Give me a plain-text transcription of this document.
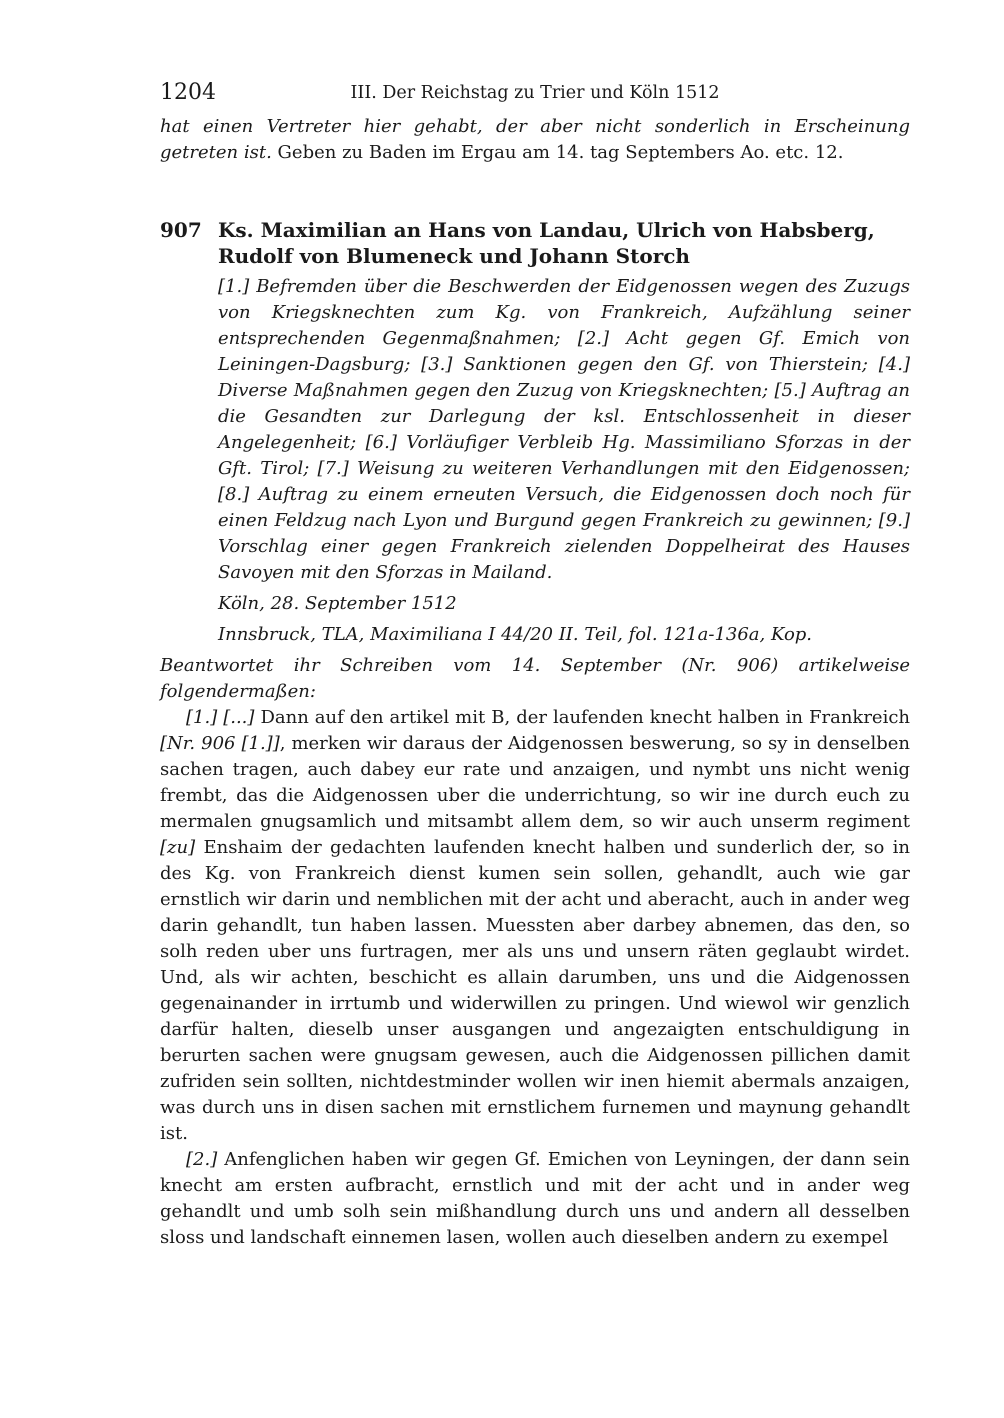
1204	III. Der Reichstag zu Trier und Köln 1512

hat einen Vertreter hier gehabt, der aber nicht sonderlich in Erscheinung getreten ist. Geben zu Baden im Ergau am 14. tag Septembers Ao. etc. 12.

907 Ks. Maximilian an Hans von Landau, Ulrich von Habsberg, Rudolf von Blumeneck und Johann Storch

[1.] Befremden über die Beschwerden der Eidgenossen wegen des Zuzugs von Kriegsknechten zum Kg. von Frankreich, Aufzählung seiner entsprechenden Gegenmaßnahmen; [2.] Acht gegen Gf. Emich von Leiningen-Dagsburg; [3.] Sanktionen gegen den Gf. von Thierstein; [4.] Diverse Maßnahmen gegen den Zuzug von Kriegsknechten; [5.] Auftrag an die Gesandten zur Darlegung der ksl. Entschlossenheit in dieser Angelegenheit; [6.] Vorläufiger Verbleib Hg. Massimiliano Sforzas in der Gft. Tirol; [7.] Weisung zu weiteren Verhandlungen mit den Eidgenossen; [8.] Auftrag zu einem erneuten Versuch, die Eidgenossen doch noch für einen Feldzug nach Lyon und Burgund gegen Frankreich zu gewinnen; [9.] Vorschlag einer gegen Frankreich zielenden Doppelheirat des Hauses Savoyen mit den Sforzas in Mailand.

Köln, 28. September 1512

Innsbruck, TLA, Maximiliana I 44/20 II. Teil, fol. 121a-136a, Kop.

Beantwortet ihr Schreiben vom 14. September (Nr. 906) artikelweise folgendermaßen:

[1.] [...] Dann auf den artikel mit B, der laufenden knecht halben in Frankreich [Nr. 906 [1.]], merken wir daraus der Aidgenossen beswerung, so sy in denselben sachen tragen, auch dabey eur rate und anzaigen, und nymbt uns nicht wenig frembt, das die Aidgenossen uber die underrichtung, so wir ine durch euch zu mermalen gnugsamlich und mitsambt allem dem, so wir auch unserm regiment [zu] Enshaim der gedachten laufenden knecht halben und sunderlich der, so in des Kg. von Frankreich dienst kumen sein sollen, gehandlt, auch wie gar ernstlich wir darin und nemblichen mit der acht und aberacht, auch in ander weg darin gehandlt, tun haben lassen. Muessten aber darbey abnemen, das den, so solh reden uber uns furtragen, mer als uns und unsern räten geglaubt wirdet. Und, als wir achten, beschicht es allain darumben, uns und die Aidgenossen gegenainander in irrtumb und widerwillen zu pringen. Und wiewol wir genzlich darfür halten, dieselb unser ausgangen und angezaigten entschuldigung in berurten sachen were gnugsam gewesen, auch die Aidgenossen pillichen damit zufriden sein sollten, nichtdestminder wollen wir inen hiemit abermals anzaigen, was durch uns in disen sachen mit ernstlichem furnemen und maynung gehandlt ist.

[2.] Anfenglichen haben wir gegen Gf. Emichen von Leyningen, der dann sein knecht am ersten aufbracht, ernstlich und mit der acht und in ander weg gehandlt und umb solh sein mißhandlung durch uns und andern all desselben sloss und landschaft einnemen lasen, wollen auch dieselben andern zu exempel
